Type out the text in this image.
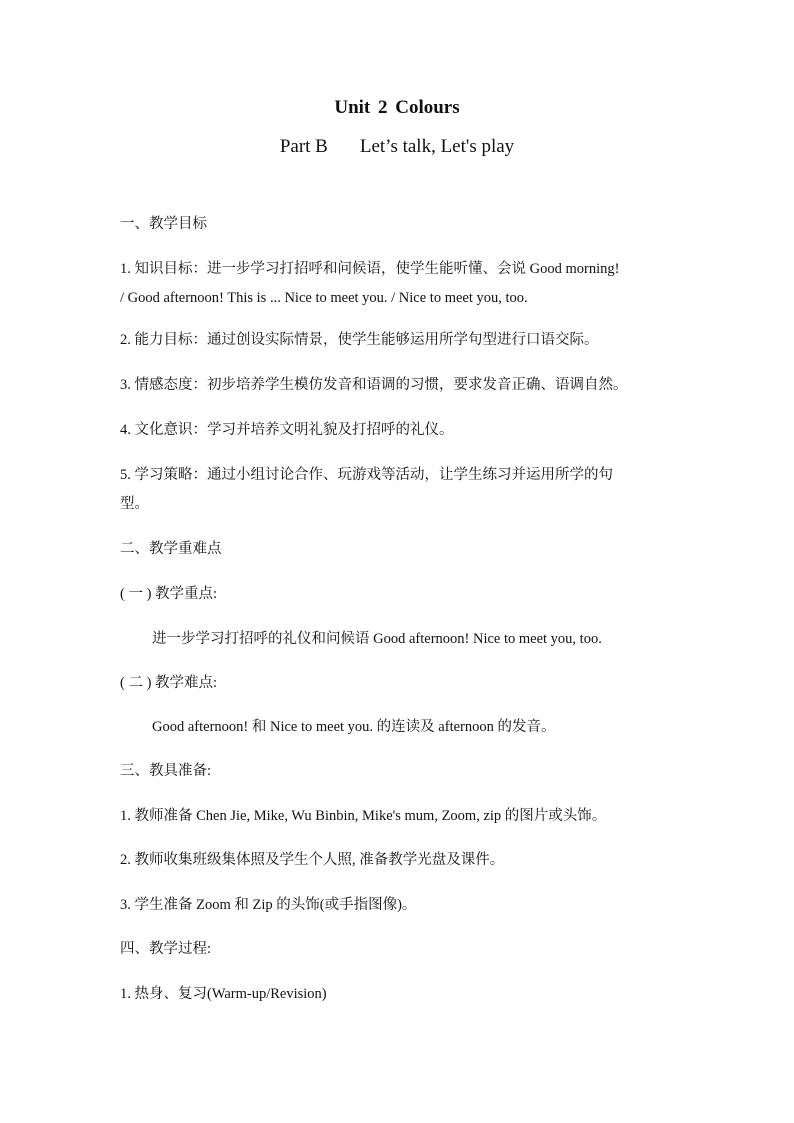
Unit 2 Colours
Part B Let’s talk, Let's play

一、教学目标

1. 知识目标：进一步学习打招呼和问候语，使学生能听懂、会说 Good morning!

/ Good afternoon! This is ... Nice to meet you. / Nice to meet you, too.

2. 能力目标：通过创设实际情景，使学生能够运用所学句型进行口语交际。

3. 情感态度：初步培养学生模仿发音和语调的习惯，要求发音正确、语调自然。

4. 文化意识：学习并培养文明礼貌及打招呼的礼仪。

5. 学习策略：通过小组讨论合作、玩游戏等活动，让学生练习并运用所学的句

型。

二、教学重难点

( 一 ) 教学重点:

进一步学习打招呼的礼仪和问候语 Good afternoon! Nice to meet you, too.

( 二 ) 教学难点:

Good afternoon! 和 Nice to meet you. 的连读及 afternoon 的发音。

三、教具准备:

1. 教师准备 Chen Jie, Mike, Wu Binbin, Mike's mum, Zoom, zip 的图片或头饰。

2. 教师收集班级集体照及学生个人照, 准备教学光盘及课件。

3. 学生准备 Zoom 和 Zip 的头饰(或手指图像)。

四、教学过程:

1. 热身、复习(Warm-up/Revision)
